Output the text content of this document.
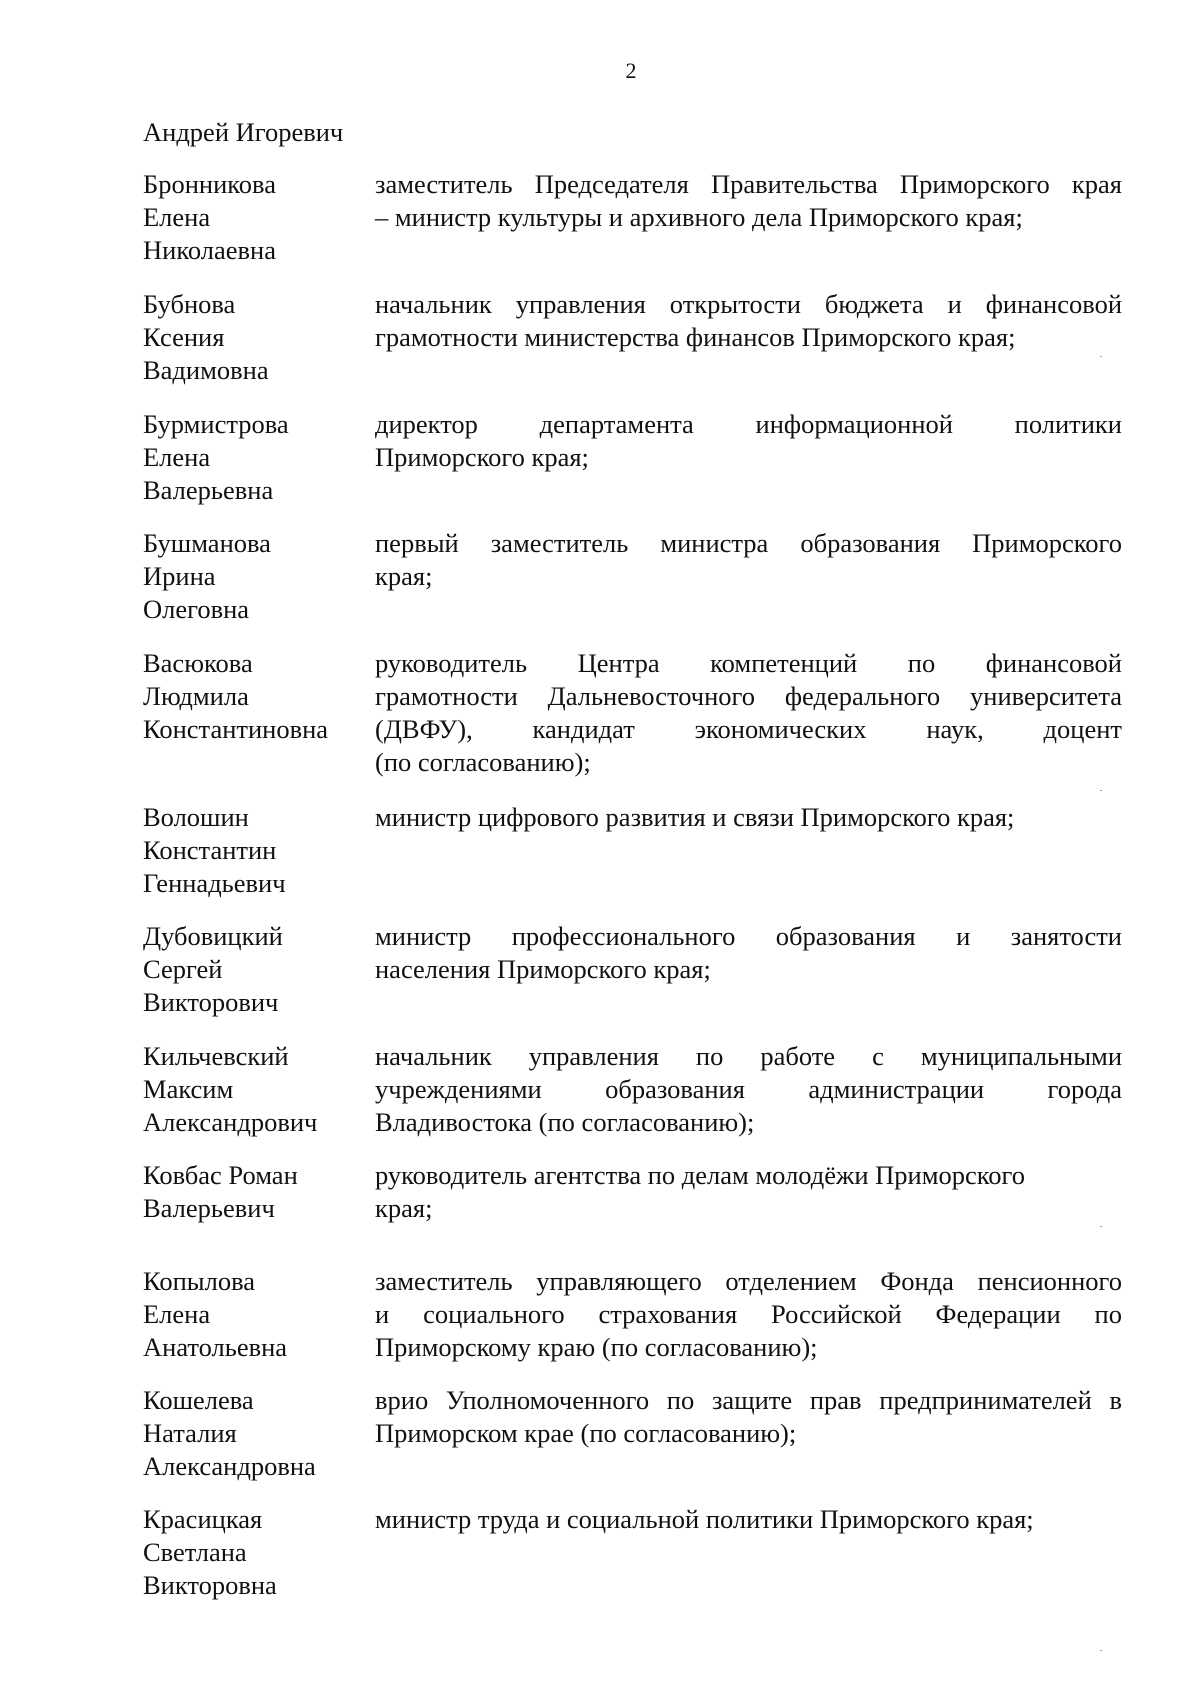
2
Андрей Игоревич
Бронникова
Елена
Николаевна
заместитель Председателя Правительства Приморского края
– министр культуры и архивного дела Приморского края;
Бубнова
Ксения
Вадимовна
начальник управления открытости бюджета и финансовой
грамотности министерства финансов Приморского края;
Бурмистрова
Елена
Валерьевна
директор департамента информационной политики
Приморского края;
Бушманова
Ирина
Олеговна
первый заместитель министра образования Приморского
края;
Васюкова
Людмила
Константиновна
руководитель Центра компетенций по финансовой
грамотности Дальневосточного федерального университета
(ДВФУ), кандидат экономических наук, доцент
(по согласованию);
Волошин
Константин
Геннадьевич
министр цифрового развития и связи Приморского края;
Дубовицкий
Сергей
Викторович
министр профессионального образования и занятости
населения Приморского края;
Кильчевский
Максим
Александрович
начальник управления по работе с муниципальными
учреждениями образования администрации города
Владивостока (по согласованию);
Ковбас Роман
Валерьевич
руководитель агентства по делам молодёжи Приморского
края;
Копылова
Елена
Анатольевна
заместитель управляющего отделением Фонда пенсионного
и социального страхования Российской Федерации по
Приморскому краю (по согласованию);
Кошелева
Наталия
Александровна
врио Уполномоченного по защите прав предпринимателей в
Приморском крае (по согласованию);
Красицкая
Светлана
Викторовна
министр труда и социальной политики Приморского края;
